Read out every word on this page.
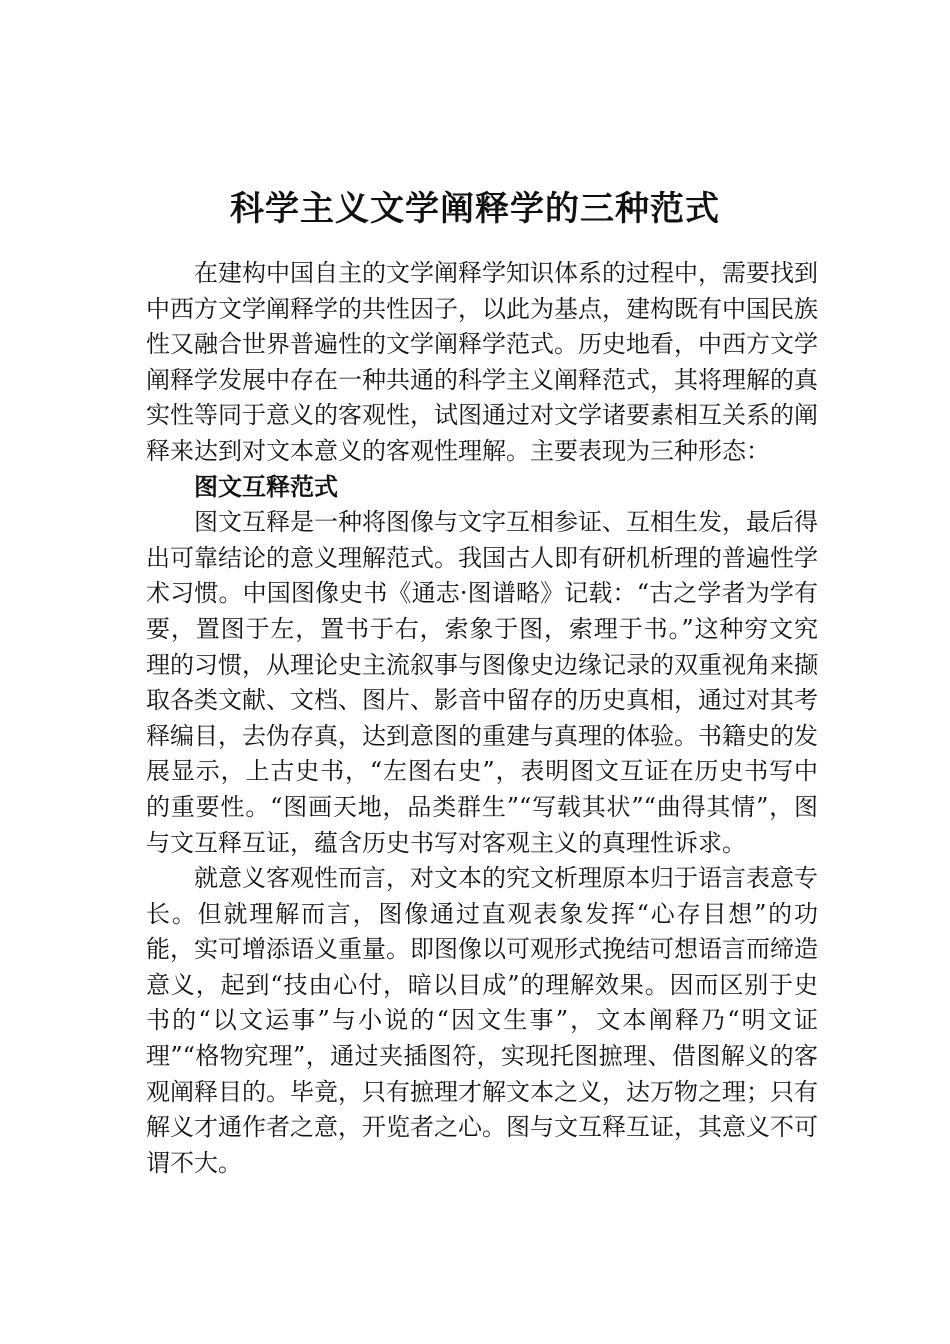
科学主义文学阐释学的三种范式

在建构中国自主的文学阐释学知识体系的过程中，需要找到中西方文学阐释学的共性因子，以此为基点，建构既有中国民族性又融合世界普遍性的文学阐释学范式。历史地看，中西方文学阐释学发展中存在一种共通的科学主义阐释范式，其将理解的真实性等同于意义的客观性，试图通过对文学诸要素相互关系的阐释来达到对文本意义的客观性理解。主要表现为三种形态：

图文互释范式

图文互释是一种将图像与文字互相参证、互相生发，最后得出可靠结论的意义理解范式。我国古人即有研机析理的普遍性学术习惯。中国图像史书《通志·图谱略》记载：“古之学者为学有要，置图于左，置书于右，索象于图，索理于书。”这种穷文究理的习惯，从理论史主流叙事与图像史边缘记录的双重视角来撷取各类文献、文档、图片、影音中留存的历史真相，通过对其考释编目，去伪存真，达到意图的重建与真理的体验。书籍史的发展显示，上古史书，“左图右史”，表明图文互证在历史书写中的重要性。“图画天地，品类群生”“写载其状”“曲得其情”，图与文互释互证，蕴含历史书写对客观主义的真理性诉求。

就意义客观性而言，对文本的究文析理原本归于语言表意专长。但就理解而言，图像通过直观表象发挥“心存目想”的功能，实可增添语义重量。即图像以可观形式挽结可想语言而缔造意义，起到“技由心付，暗以目成”的理解效果。因而区别于史书的“以文运事”与小说的“因文生事”，文本阐释乃“明文证理”“格物究理”，通过夹插图符，实现托图摭理、借图解义的客观阐释目的。毕竟，只有摭理才解文本之义，达万物之理；只有解义才通作者之意，开览者之心。图与文互释互证，其意义不可谓不大。
